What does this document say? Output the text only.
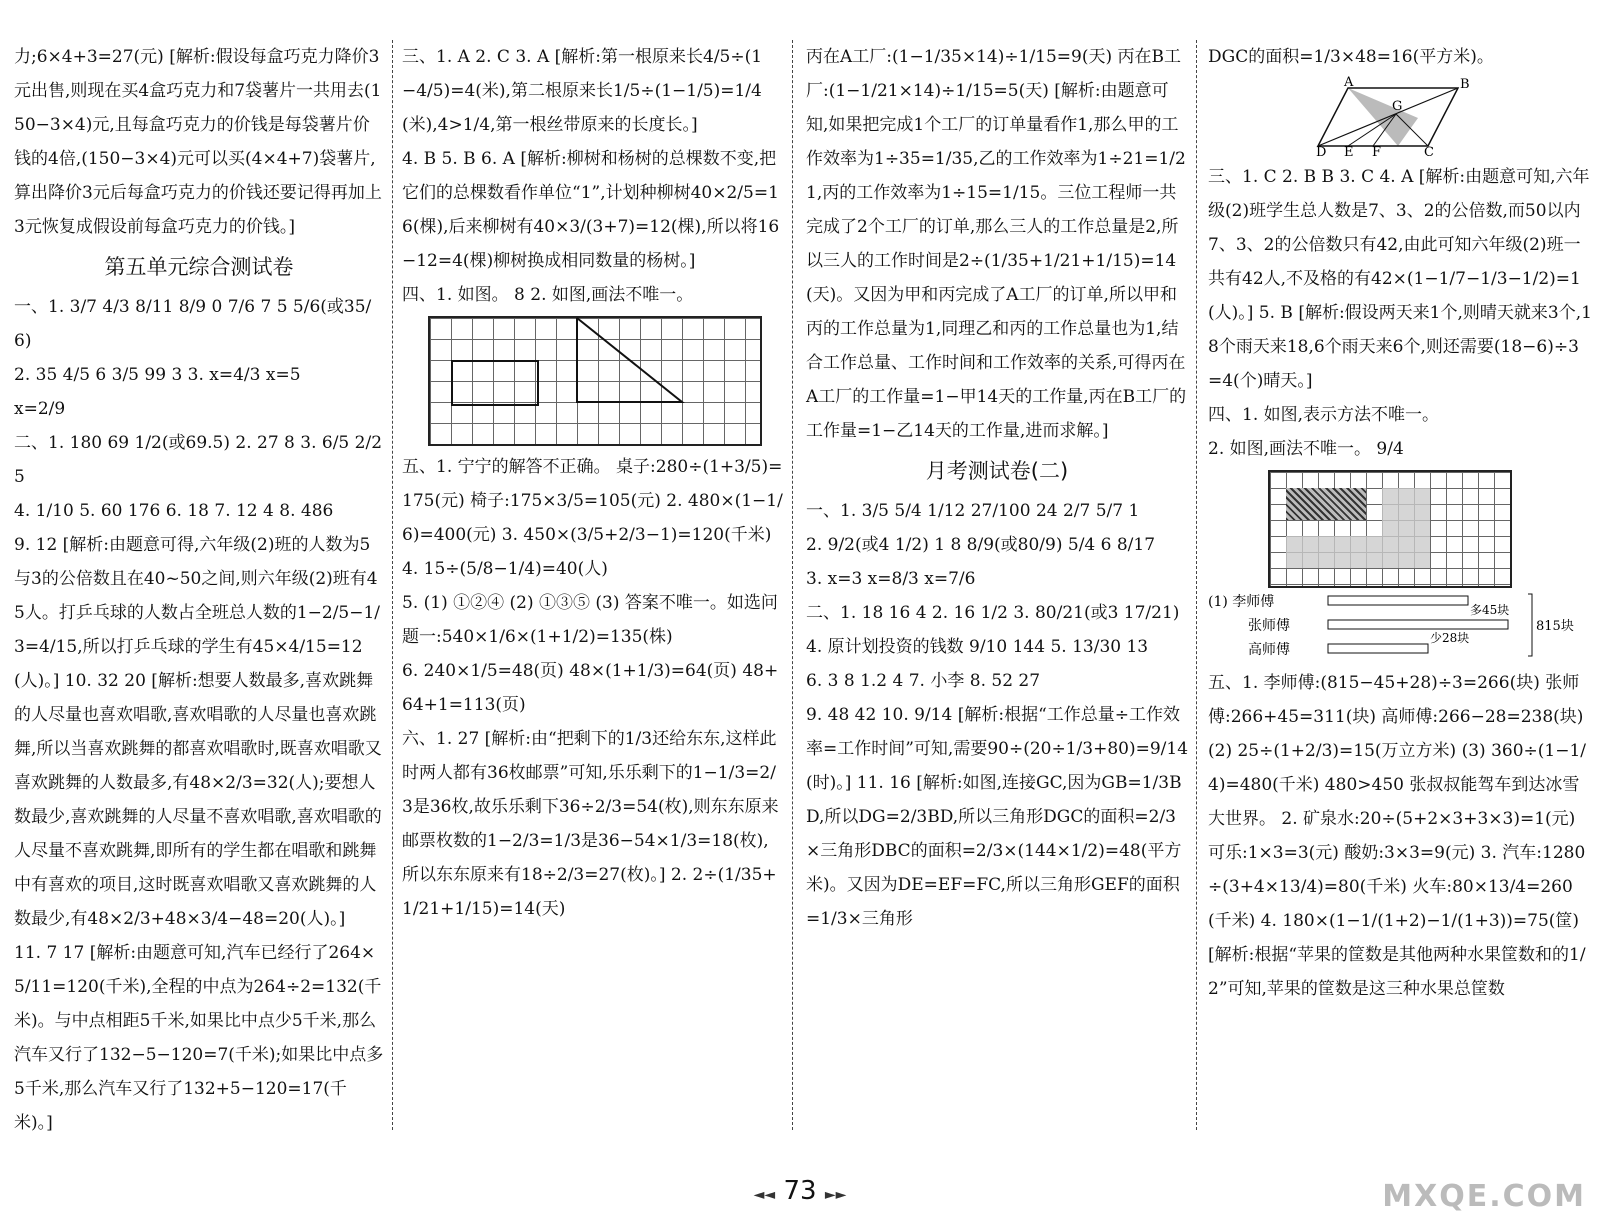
力;6×4+3=27(元) [解析:假设每盒巧克力降价3元出售,则现在买4盒巧克力和7袋薯片一共用去(150−3×4)元,且每盒巧克力的价钱是每袋薯片价钱的4倍,(150−3×4)元可以买(4×4+7)袋薯片,算出降价3元后每盒巧克力的价钱还要记得再加上3元恢复成假设前每盒巧克力的价钱。]

第五单元综合测试卷

一、1. 3/7 4/3 8/11 8/9 0 7/6 7 5 5/6(或35/6)

2. 35 4/5 6 3/5 99 3 3. x=4/3 x=5

x=2/9

二、1. 180 69 1/2(或69.5) 2. 27 8 3. 6/5 2/25

4. 1/10 5. 60 176 6. 18 7. 12 4 8. 486

9. 12 [解析:由题意可得,六年级(2)班的人数为5与3的公倍数且在40~50之间,则六年级(2)班有45人。打乒乓球的人数占全班总人数的1−2/5−1/3=4/15,所以打乒乓球的学生有45×4/15=12(人)。] 10. 32 20 [解析:想要人数最多,喜欢跳舞的人尽量也喜欢唱歌,喜欢唱歌的人尽量也喜欢跳舞,所以当喜欢跳舞的都喜欢唱歌时,既喜欢唱歌又喜欢跳舞的人数最多,有48×2/3=32(人);要想人数最少,喜欢跳舞的人尽量不喜欢唱歌,喜欢唱歌的人尽量不喜欢跳舞,即所有的学生都在唱歌和跳舞中有喜欢的项目,这时既喜欢唱歌又喜欢跳舞的人数最少,有48×2/3+48×3/4−48=20(人)。]

11. 7 17 [解析:由题意可知,汽车已经行了264×5/11=120(千米),全程的中点为264÷2=132(千米)。与中点相距5千米,如果比中点少5千米,那么汽车又行了132−5−120=7(千米);如果比中点多5千米,那么汽车又行了132+5−120=17(千米)。]

三、1. A 2. C 3. A [解析:第一根原来长4/5÷(1−4/5)=4(米),第二根原来长1/5÷(1−1/5)=1/4(米),4>1/4,第一根丝带原来的长度长。]

4. B 5. B 6. A [解析:柳树和杨树的总棵数不变,把它们的总棵数看作单位“1”,计划种柳树40×2/5=16(棵),后来柳树有40×3/(3+7)=12(棵),所以将16−12=4(棵)柳树换成相同数量的杨树。]

四、1. 如图。 8 2. 如图,画法不唯一。

五、1. 宁宁的解答不正确。 桌子:280÷(1+3/5)=175(元) 椅子:175×3/5=105(元) 2. 480×(1−1/6)=400(元) 3. 450×(3/5+2/3−1)=120(千米) 4. 15÷(5/8−1/4)=40(人)

5. (1) ①②④ (2) ①③⑤ (3) 答案不唯一。如选问题一:540×1/6×(1+1/2)=135(株)

6. 240×1/5=48(页) 48×(1+1/3)=64(页) 48+64+1=113(页)

六、1. 27 [解析:由“把剩下的1/3还给东东,这样此时两人都有36枚邮票”可知,乐乐剩下的1−1/3=2/3是36枚,故乐乐剩下36÷2/3=54(枚),则东东原来邮票枚数的1−2/3=1/3是36−54×1/3=18(枚),所以东东原来有18÷2/3=27(枚)。] 2. 2÷(1/35+1/21+1/15)=14(天)

丙在A工厂:(1−1/35×14)÷1/15=9(天) 丙在B工厂:(1−1/21×14)÷1/15=5(天) [解析:由题意可知,如果把完成1个工厂的订单量看作1,那么甲的工作效率为1÷35=1/35,乙的工作效率为1÷21=1/21,丙的工作效率为1÷15=1/15。三位工程师一共完成了2个工厂的订单,那么三人的工作总量是2,所以三人的工作时间是2÷(1/35+1/21+1/15)=14(天)。又因为甲和丙完成了A工厂的订单,所以甲和丙的工作总量为1,同理乙和丙的工作总量也为1,结合工作总量、工作时间和工作效率的关系,可得丙在A工厂的工作量=1−甲14天的工作量,丙在B工厂的工作量=1−乙14天的工作量,进而求解。]

月考测试卷(二)

一、1. 3/5 5/4 1/12 27/100 24 2/7 5/7 1

2. 9/2(或4 1/2) 1 8 8/9(或80/9) 5/4 6 8/17

3. x=3 x=8/3 x=7/6

二、1. 18 16 4 2. 16 1/2 3. 80/21(或3 17/21)

4. 原计划投资的钱数 9/10 144 5. 13/30 13

6. 3 8 1.2 4 7. 小李 8. 52 27

9. 48 42 10. 9/14 [解析:根据“工作总量÷工作效率=工作时间”可知,需要90÷(20÷1/3+80)=9/14(时)。] 11. 16 [解析:如图,连接GC,因为GB=1/3BD,所以DG=2/3BD,所以三角形DGC的面积=2/3×三角形DBC的面积=2/3×(144×1/2)=48(平方米)。又因为DE=EF=FC,所以三角形GEF的面积=1/3×三角形

DGC的面积=1/3×48=16(平方米)。

A
G
B
D E F	C

三、1. C 2. B B 3. C 4. A [解析:由题意可知,六年级(2)班学生总人数是7、3、2的公倍数,而50以内7、3、2的公倍数只有42,由此可知六年级(2)班一共有42人,不及格的有42×(1−1/7−1/3−1/2)=1(人)。] 5. B [解析:假设两天来1个,则晴天就来3个,18个雨天来18,6个雨天来6个,则还需要(18−6)÷3=4(个)晴天。]

四、1. 如图,表示方法不唯一。

2. 如图,画法不唯一。 9/4

(1) 李师傅
张师傅
高师傅
多45块
少28块
815块

五、1. 李师傅:(815−45+28)÷3=266(块) 张师傅:266+45=311(块) 高师傅:266−28=238(块) (2) 25÷(1+2/3)=15(万立方米) (3) 360÷(1−1/4)=480(千米) 480>450 张叔叔能驾车到达冰雪大世界。 2. 矿泉水:20÷(5+2×3+3×3)=1(元) 可乐:1×3=3(元) 酸奶:3×3=9(元) 3. 汽车:1280÷(3+4×13/4)=80(千米) 火车:80×13/4=260(千米) 4. 180×(1−1/(1+2)−1/(1+3))=75(筐) [解析:根据“苹果的筐数是其他两种水果筐数和的1/2”可知,苹果的筐数是这三种水果总筐数

◄◄ 73 ►►	MXQE.COM
